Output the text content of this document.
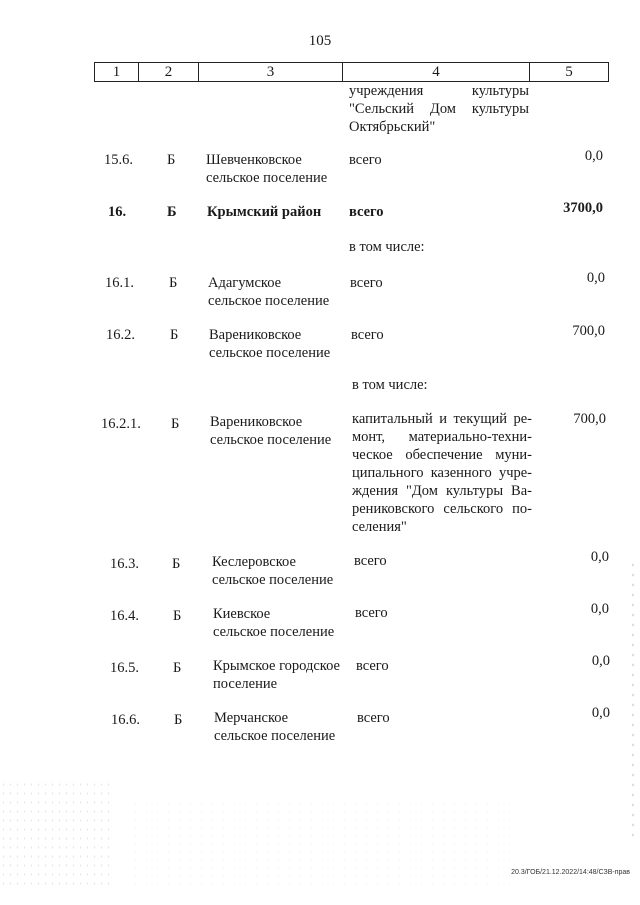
105
1	2	3	4	5
учреждения культуры
"Сельский Дом культуры
Октябрьский"
15.6. Б Шевченковское
сельское поселение
всего	0,0
16.	Б Крымский район всего	3700,0
в том числе:
16.1. Б Адагумское
сельское поселение
всего	0,0
16.2. Б Варениковское
сельское поселение
всего	700,0
в том числе:
16.2.1. Б Варениковское
сельское поселение
капитальный и текущий ре-
монт, материально-техни-
ческое обеспечение муни-
ципального казенного учре-
ждения "Дом культуры Ва-
рениковского сельского по-
селения"
700,0
16.3. Б Кеслеровское
сельское поселение
всего	0,0
16.4. Б Киевское
сельское поселение
всего	0,0
16.5. Б Крымское городское
поселение
всего	0,0
16.6. Б Мерчанское
сельское поселение
всего	0,0
20.3/ГОБ/21.12.2022/14:48/СЗВ-прав
